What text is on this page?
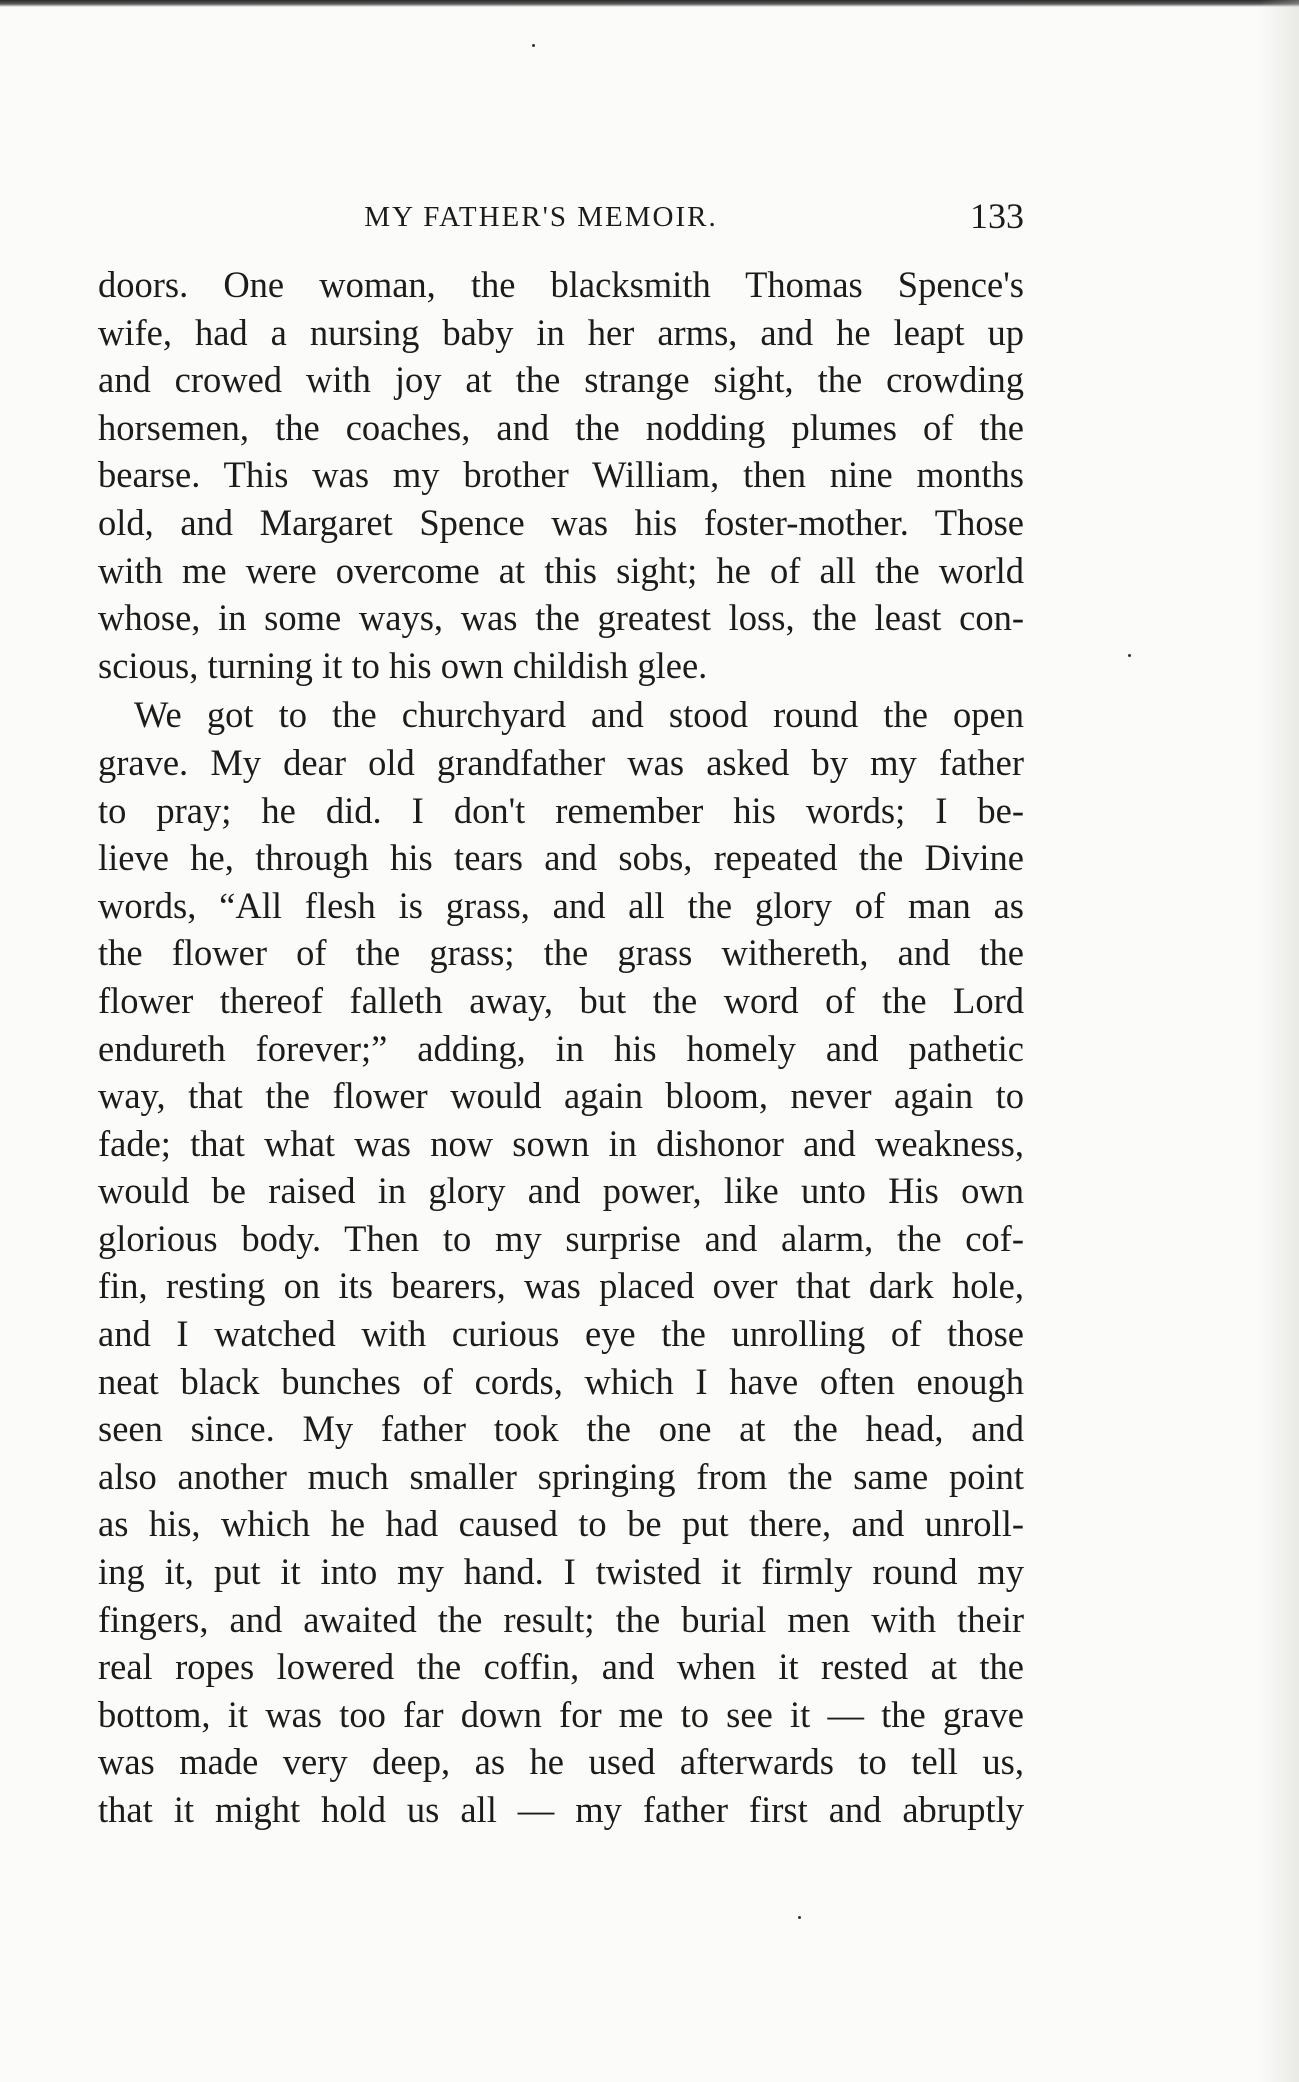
MY FATHER'S MEMOIR.	133
doors. One woman, the blacksmith Thomas Spence's
wife, had a nursing baby in her arms, and he leapt up
and crowed with joy at the strange sight, the crowding
horsemen, the coaches, and the nodding plumes of the
bearse. This was my brother William, then nine months
old, and Margaret Spence was his foster-mother. Those
with me were overcome at this sight; he of all the world
whose, in some ways, was the greatest loss, the least con-
scious, turning it to his own childish glee.
We got to the churchyard and stood round the open
grave. My dear old grandfather was asked by my father
to pray; he did. I don't remember his words; I be-
lieve he, through his tears and sobs, repeated the Divine
words, “All flesh is grass, and all the glory of man as
the flower of the grass; the grass withereth, and the
flower thereof falleth away, but the word of the Lord
endureth forever;” adding, in his homely and pathetic
way, that the flower would again bloom, never again to
fade; that what was now sown in dishonor and weakness,
would be raised in glory and power, like unto His own
glorious body. Then to my surprise and alarm, the cof-
fin, resting on its bearers, was placed over that dark hole,
and I watched with curious eye the unrolling of those
neat black bunches of cords, which I have often enough
seen since. My father took the one at the head, and
also another much smaller springing from the same point
as his, which he had caused to be put there, and unroll-
ing it, put it into my hand. I twisted it firmly round my
fingers, and awaited the result; the burial men with their
real ropes lowered the coffin, and when it rested at the
bottom, it was too far down for me to see it — the grave
was made very deep, as he used afterwards to tell us,
that it might hold us all — my father first and abruptly
